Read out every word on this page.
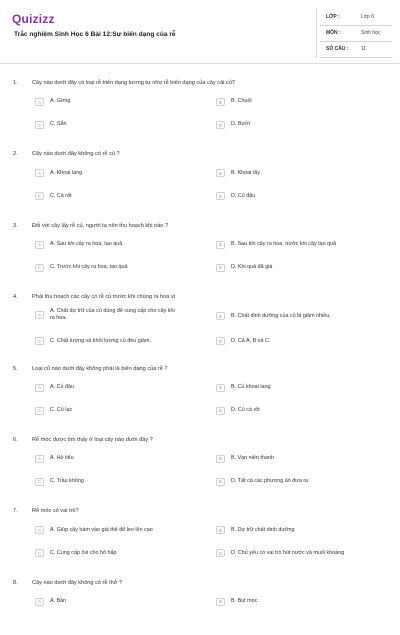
Quizizz
Trắc nghiệm Sinh Học 6 Bài 12:Sự biến dạng của rễ
LỚP :	Lớp 6
MÔN :	Sinh học
SỐ CÂU :	11
1.	Cây nào dưới đây có loại rễ biến dạng tương tự như rễ biến dạng của cây cải củ?
A	A. Gừng	B	B. Chuối
C	C. Sắn	D	D. Bưởi
2.	Cây nào dưới đây không có rễ củ ?
A	A. Khoai lang	B	B. Khoai tây
C	C. Cà rốt	D	D. Củ đậu
3.	Đối với cây lấy rễ củ, người ta nên thu hoạch khi nào ?
A	A. Sau khi cây ra hoa, tạo quả	B	B. Sau khi cây ra hoa, trước khi cây tạo quả
C	C. Trước khi cây ra hoa, tạo quả	D	D. Khi quả đã già
4.	Phải thu hoạch các cây có rễ củ trước khi chúng ra hoa vì
A
A. Chất dự trữ của củ dùng để cung cấp cho cây khi ra hoa.	B	B. Chất dinh dưỡng của củ bị giảm nhiều.
C	C. Chất lượng và khối lượng củ đều giảm.	D	D. Cả A, B và C.
5.	Loại củ nào dưới đây không phải là biến dạng của rễ ?
A	A. Củ đậu	B	B. Củ khoai lang
C	C. Củ lạc	D	D. Củ cà rốt
6.	Rễ móc được tìm thấy ở loại cây nào dưới đây ?
A	A. Hồ tiêu	B	B. Vạn niên thanh
C	C. Trầu không	D	D. Tất cả các phương án đưa ra
7.	Rễ móc có vai trò?
A	A. Giúp cây bám vào giá thể để leo lên cao	B	B. Dự trữ chất dinh dưỡng
C	C. Cung cấp ôxi cho hô hấp	D	D. Chủ yếu có vai trò hút nước và muối khoáng
8.	Cây nào dưới đây không có rễ thở ?
A	A. Bần	B	B. Bụt mọc
